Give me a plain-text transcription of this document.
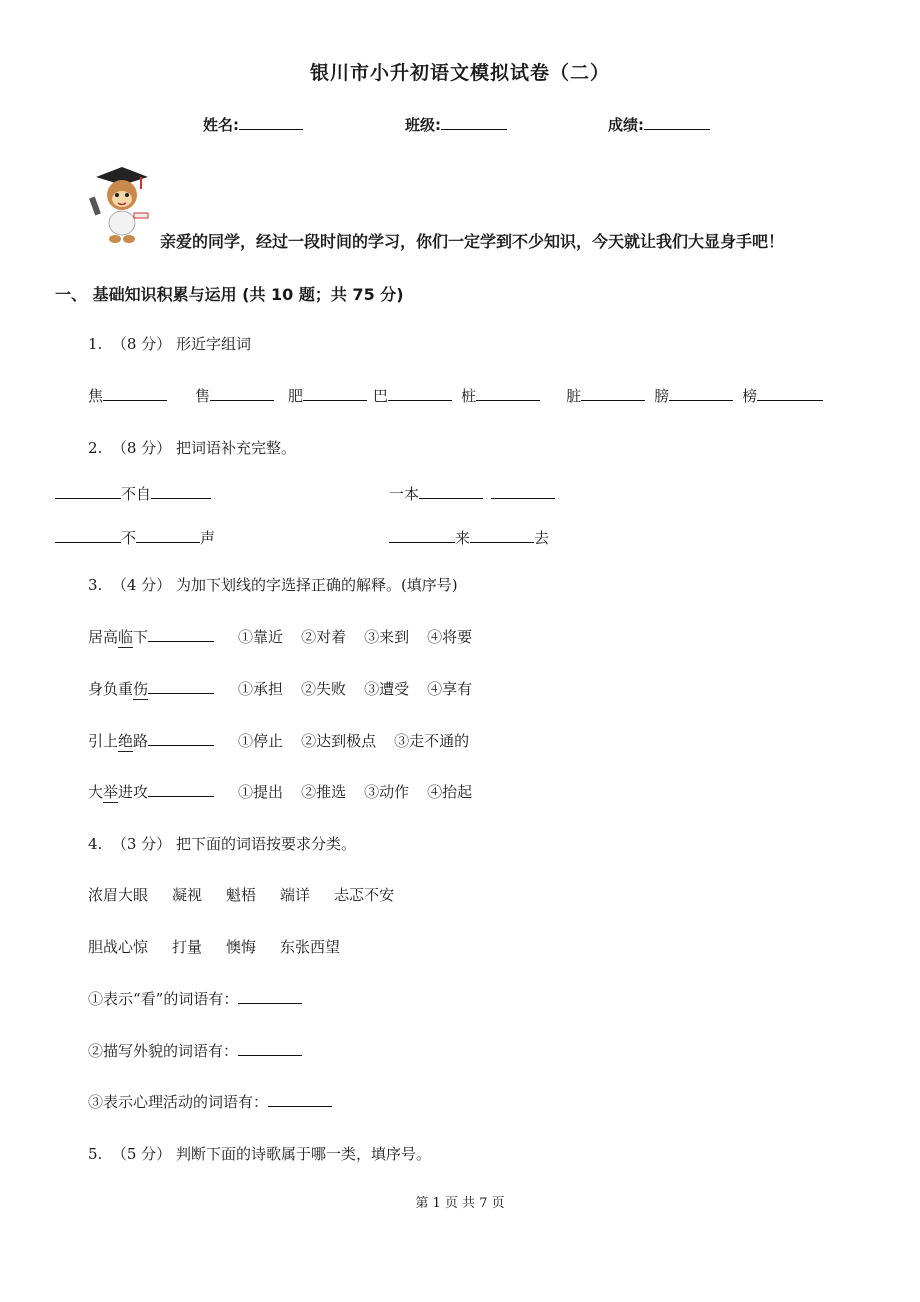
银川市小升初语文模拟试卷（二）
姓名:	班级:	成绩:
亲爱的同学，经过一段时间的学习，你们一定学到不少知识，今天就让我们大显身手吧！
一、 基础知识积累与运用 (共 10 题；共 75 分)
1. （8 分） 形近字组词
焦	售	肥	巴	桩	脏	膀	榜
2. （8 分） 把词语补充完整。
不自	一本
不	声	来	去
3. （4 分） 为加下划线的字选择正确的解释。(填序号)
居高临下	①靠近 ②对着 ③来到 ④将要
身负重伤	①承担 ②失败 ③遭受 ④享有
引上绝路	①停止 ②达到极点 ③走不通的
大举进攻	①提出 ②推选 ③动作 ④抬起
4. （3 分） 把下面的词语按要求分类。
浓眉大眼 凝视 魁梧 端详 忐忑不安
胆战心惊 打量 懊悔 东张西望
①表示“看”的词语有：
②描写外貌的词语有：
③表示心理活动的词语有：
5. （5 分） 判断下面的诗歌属于哪一类，填序号。
第 1 页 共 7 页
